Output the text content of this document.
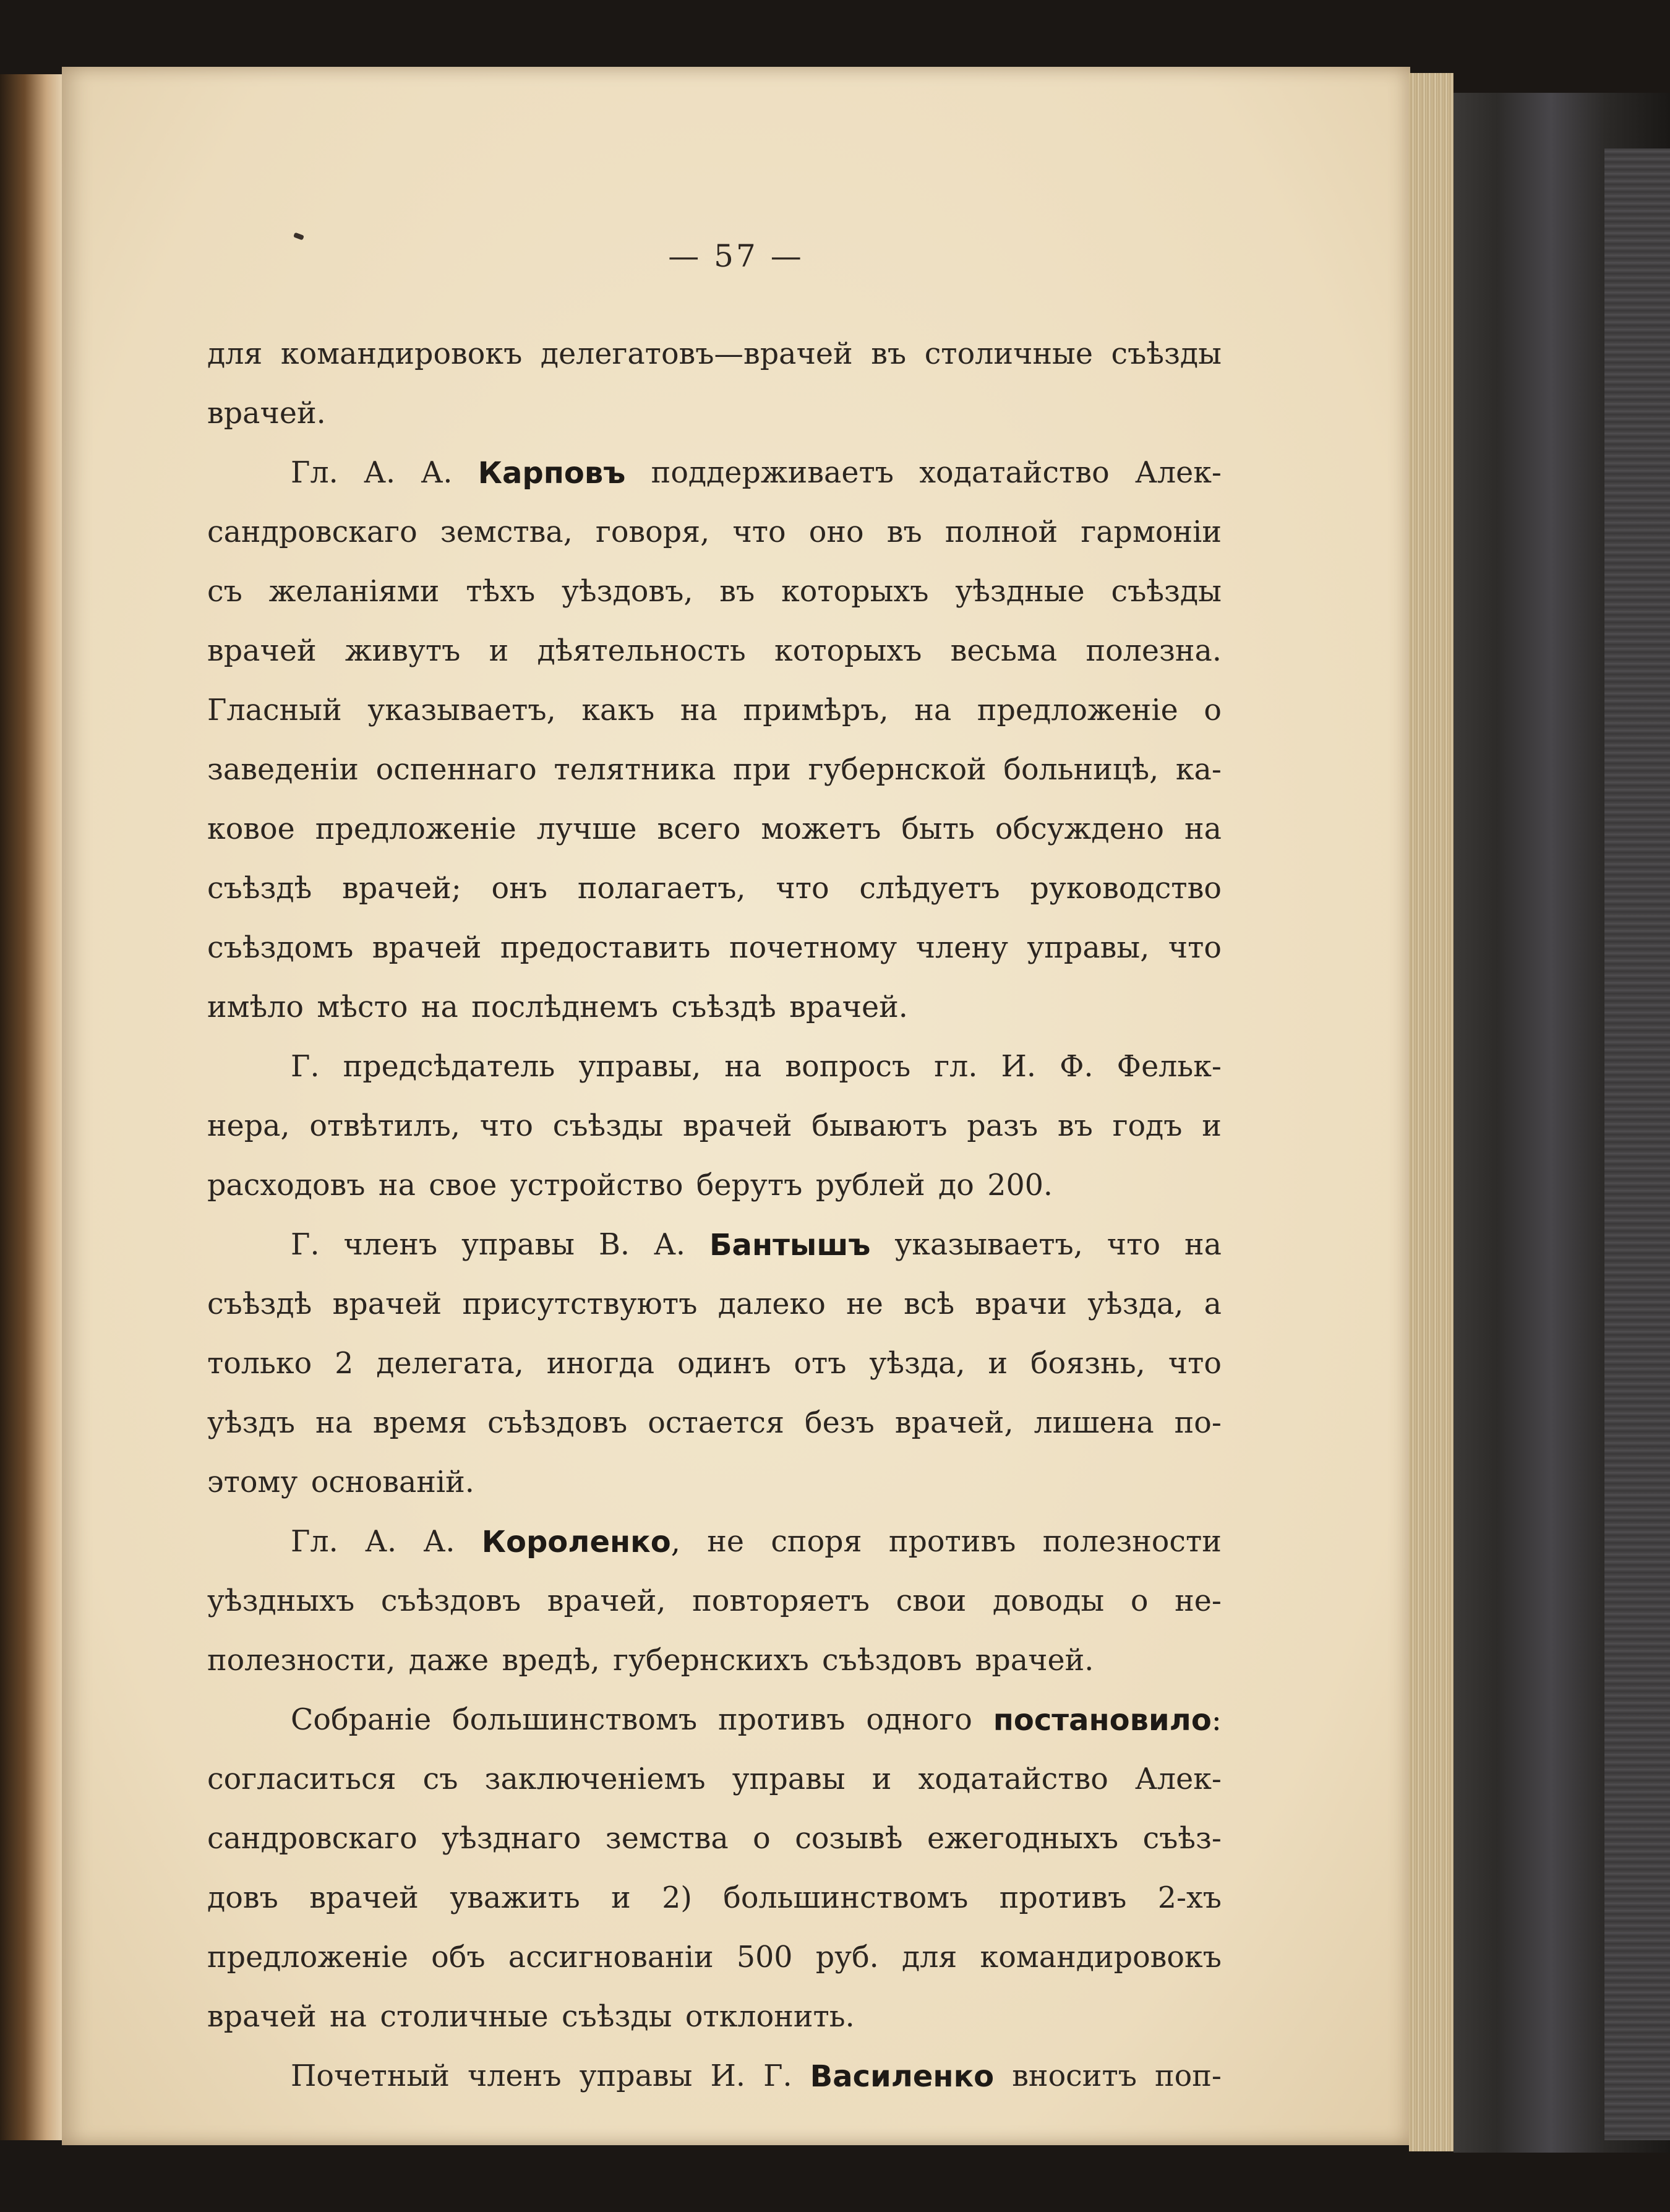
— 57 —
для командировокъ делегатовъ—врачей въ столичные съѣзды
врачей.
Гл. А. А. Карповъ поддерживаетъ ходатайство Алек-
сандровскаго земства, говоря, что оно въ полной гармоніи
съ желаніями тѣхъ уѣздовъ, въ которыхъ уѣздные съѣзды
врачей живутъ и дѣятельность которыхъ весьма полезна.
Гласный указываетъ, какъ на примѣръ, на предложеніе о
заведеніи оспеннаго телятника при губернской больницѣ, ка-
ковое предложеніе лучше всего можетъ быть обсуждено на
съѣздѣ врачей; онъ полагаетъ, что слѣдуетъ руководство
съѣздомъ врачей предоставить почетному члену управы, что
имѣло мѣсто на послѣднемъ съѣздѣ врачей.
Г. предсѣдатель управы, на вопросъ гл. И. Ф. Фельк-
нера, отвѣтилъ, что съѣзды врачей бываютъ разъ въ годъ и
расходовъ на свое устройство берутъ рублей до 200.
Г. членъ управы В. А. Бантышъ указываетъ, что на
съѣздѣ врачей присутствуютъ далеко не всѣ врачи уѣзда, а
только 2 делегата, иногда одинъ отъ уѣзда, и боязнь, что
уѣздъ на время съѣздовъ остается безъ врачей, лишена по-
этому основаній.
Гл. А. А. Короленко, не споря противъ полезности
уѣздныхъ съѣздовъ врачей, повторяетъ свои доводы о не-
полезности, даже вредѣ, губернскихъ съѣздовъ врачей.
Собраніе большинствомъ противъ одного постановило:
согласиться съ заключеніемъ управы и ходатайство Алек-
сандровскаго уѣзднаго земства о созывѣ ежегодныхъ съѣз-
довъ врачей уважить и 2) большинствомъ противъ 2-хъ
предложеніе объ ассигнованіи 500 руб. для командировокъ
врачей на столичные съѣзды отклонить.
Почетный членъ управы И. Г. Василенко вноситъ поп-
